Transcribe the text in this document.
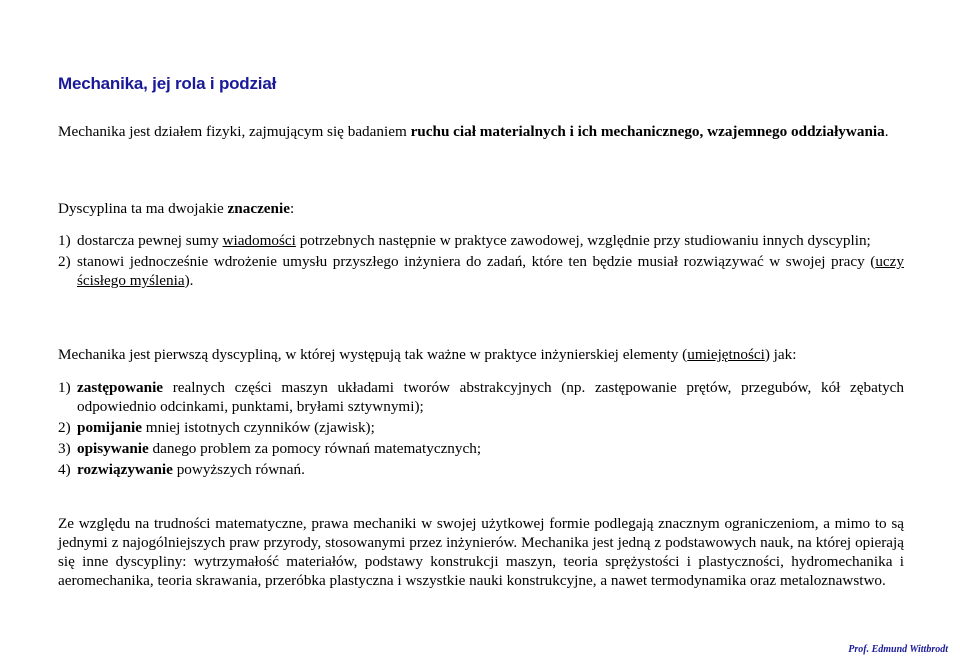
Mechanika, jej rola i podział
Mechanika jest działem fizyki, zajmującym się badaniem ruchu ciał materialnych i ich mechanicznego, wzajemnego oddziaływania.
Dyscyplina ta ma dwojakie znaczenie:
1) dostarcza pewnej sumy wiadomości potrzebnych następnie w praktyce zawodowej, względnie przy studiowaniu innych dyscyplin;
2) stanowi jednocześnie wdrożenie umysłu przyszłego inżyniera do zadań, które ten będzie musiał rozwiązywać w swojej pracy (uczy ścisłego myślenia).
Mechanika jest pierwszą dyscypliną, w której występują tak ważne w praktyce inżynierskiej elementy (umiejętności) jak:
1) zastępowanie realnych części maszyn układami tworów abstrakcyjnych (np. zastępowanie prętów, przegubów, kół zębatych odpowiednio odcinkami, punktami, bryłami sztywnymi);
2) pomijanie mniej istotnych czynników (zjawisk);
3) opisywanie danego problem za pomocy równań matematycznych;
4) rozwiązywanie powyższych równań.
Ze względu na trudności matematyczne, prawa mechaniki w swojej użytkowej formie podlegają znacznym ograniczeniom, a mimo to są jednymi z najogólniejszych praw przyrody, stosowanymi przez inżynierów. Mechanika jest jedną z podstawowych nauk, na której opierają się inne dyscypliny: wytrzymałość materiałów, podstawy konstrukcji maszyn, teoria sprężystości i plastyczności, hydromechanika i aeromechanika, teoria skrawania, przeróbka plastyczna i wszystkie nauki konstrukcyjne, a nawet termodynamika oraz metaloznawstwo.
Prof. Edmund Wittbrodt
